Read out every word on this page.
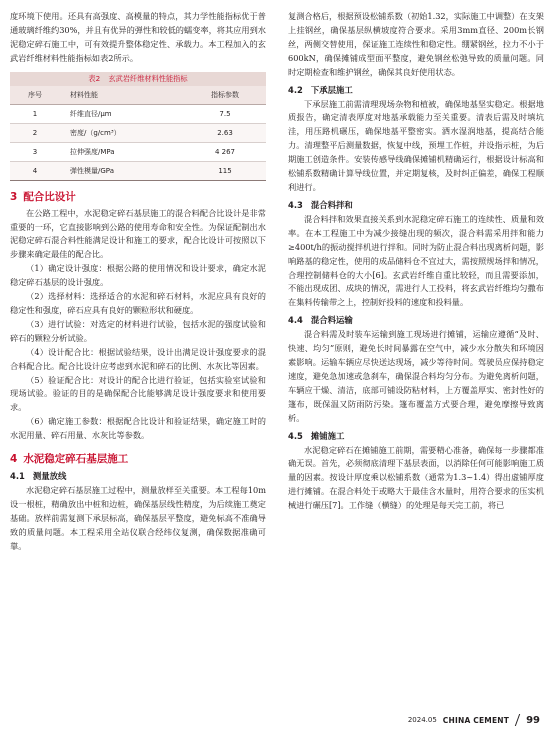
度环境下使用。还具有高强度、高模量的特点，其力学性能指标优于普通玻璃纤维约30%，并且有优异的弹性和较低的蠕变率，将其应用到水泥稳定碎石施工中，可有效提升整体稳定性、承载力。本工程加入的玄武岩纤维材料性能指标如表2所示。

表2 玄武岩纤维材料性能指标
序号	材料性能	指标参数
1	纤维直径/μm	7.5
2	密度/（g/cm³）	2.63
3	拉伸强度/MPa	4 267
4	弹性模量/GPa	115
3 配合比设计

在公路工程中，水泥稳定碎石基层施工的混合料配合比设计是非常重要的一环，它直接影响到公路的使用寿命和安全性。为保证配制出水泥稳定碎石混合料性能满足设计和施工的要求，配合比设计可按照以下步骤来确定最佳的配合比。

（1）确定设计强度：根据公路的使用情况和设计要求，确定水泥稳定碎石基层的设计强度。

（2）选择材料：选择适合的水泥和碎石材料，水泥应具有良好的稳定性和强度，碎石应具有良好的颗粒形状和硬度。

（3）进行试验：对选定的材料进行试验，包括水泥的强度试验和碎石的颗粒分析试验。

（4）设计配合比：根据试验结果，设计出满足设计强度要求的混合料配合比。配合比设计应考虑到水泥和碎石的比例、水灰比等因素。

（5）验证配合比：对设计的配合比进行验证，包括实验室试验和现场试验。验证的目的是确保配合比能够满足设计强度要求和使用要求。

（6）确定施工参数：根据配合比设计和验证结果，确定施工时的水泥用量、碎石用量、水灰比等参数。

4 水泥稳定碎石基层施工
4.1 测量放线

水泥稳定碎石基层施工过程中，测量放样至关重要。本工程每10m设一根桩，精确放出中桩和边桩，确保基层线性精度，为后续施工奠定基础。放样前需复测下承层标高，确保基层平整度，避免标高不准确导致的质量问题。本工程采用全站仪联合经纬仪复测，确保数据准确可靠。

复测合格后，根据预设松铺系数（初始1.32，实际施工中调整）在支架上挂钢丝，确保基层纵横坡度符合要求。采用3mm直径、200m长钢丝，两侧交替使用，保证施工连续性和稳定性。绷紧钢丝，拉力不小于600kN，确保摊铺成型面平整度，避免钢丝松弛导致的质量问题。同时定期检查和维护钢丝，确保其良好使用状态。

4.2 下承层施工

下承层施工前需清理现场杂物和植被，确保地基坚实稳定。根据地质报告，确定清表厚度对地基承载能力至关重要。清表后需及时填坑洼，用压路机碾压，确保地基平整密实。洒水湿润地基，提高结合能力。清理整平后测量数据，恢复中线，预埋工作桩，并设指示桩，为后期施工创造条件。安装传感导线确保摊铺机精确运行，根据设计标高和松铺系数精确计算导线位置，并定期复核，及时纠正偏差，确保工程顺利进行。

4.3 混合料拌和

混合料拌和效果直接关系到水泥稳定碎石施工的连续性、质量和效率。在本工程施工中为减少接缝出现的频次，混合料需采用拌和能力≥400t/h的振动搅拌机进行拌和。同时为防止混合料出现离析问题，影响路基的稳定性，使用的成品储料仓不宜过大，需按照规场拌和情况，合理控制储料仓的大小[6]。玄武岩纤维自重比较轻，而且需要添加，不能出现成团、成块的情况，需进行人工投料，将玄武岩纤维均匀撒布在集料传输带之上，控制好投料的速度和投料量。

4.4 混合料运输

混合料需及时装车运输到施工现场进行摊铺，运输应遵循“及时、快速、均匀”原则，避免长时间暴露在空气中，减少水分散失和环境因素影响。运输车辆应尽快送达现场，减少等待时间。驾驶员应保持稳定速度，避免急加速或急刹车，确保混合料均匀分布。为避免离析问题，车辆应干燥、清洁，底部可铺设防粘材料，上方覆盖厚实、密封性好的篷布，既保温又防雨防污染。篷布覆盖方式要合理，避免摩擦导致离析。

4.5 摊铺施工

水泥稳定碎石在摊铺施工前期，需要精心准备，确保每一步骤都准确无误。首先，必须彻底清理下基层表面，以消除任何可能影响施工质量的因素。按设计厚度乘以松铺系数（通常为1.3~1.4）得出虚铺厚度进行摊铺。在混合料处于或略大于最佳含水量时，用符合要求的压实机械进行碾压[7]。工作缝（横缝）的处理是每天完工前，将已

2024.05 CHINA CEMENT 99
